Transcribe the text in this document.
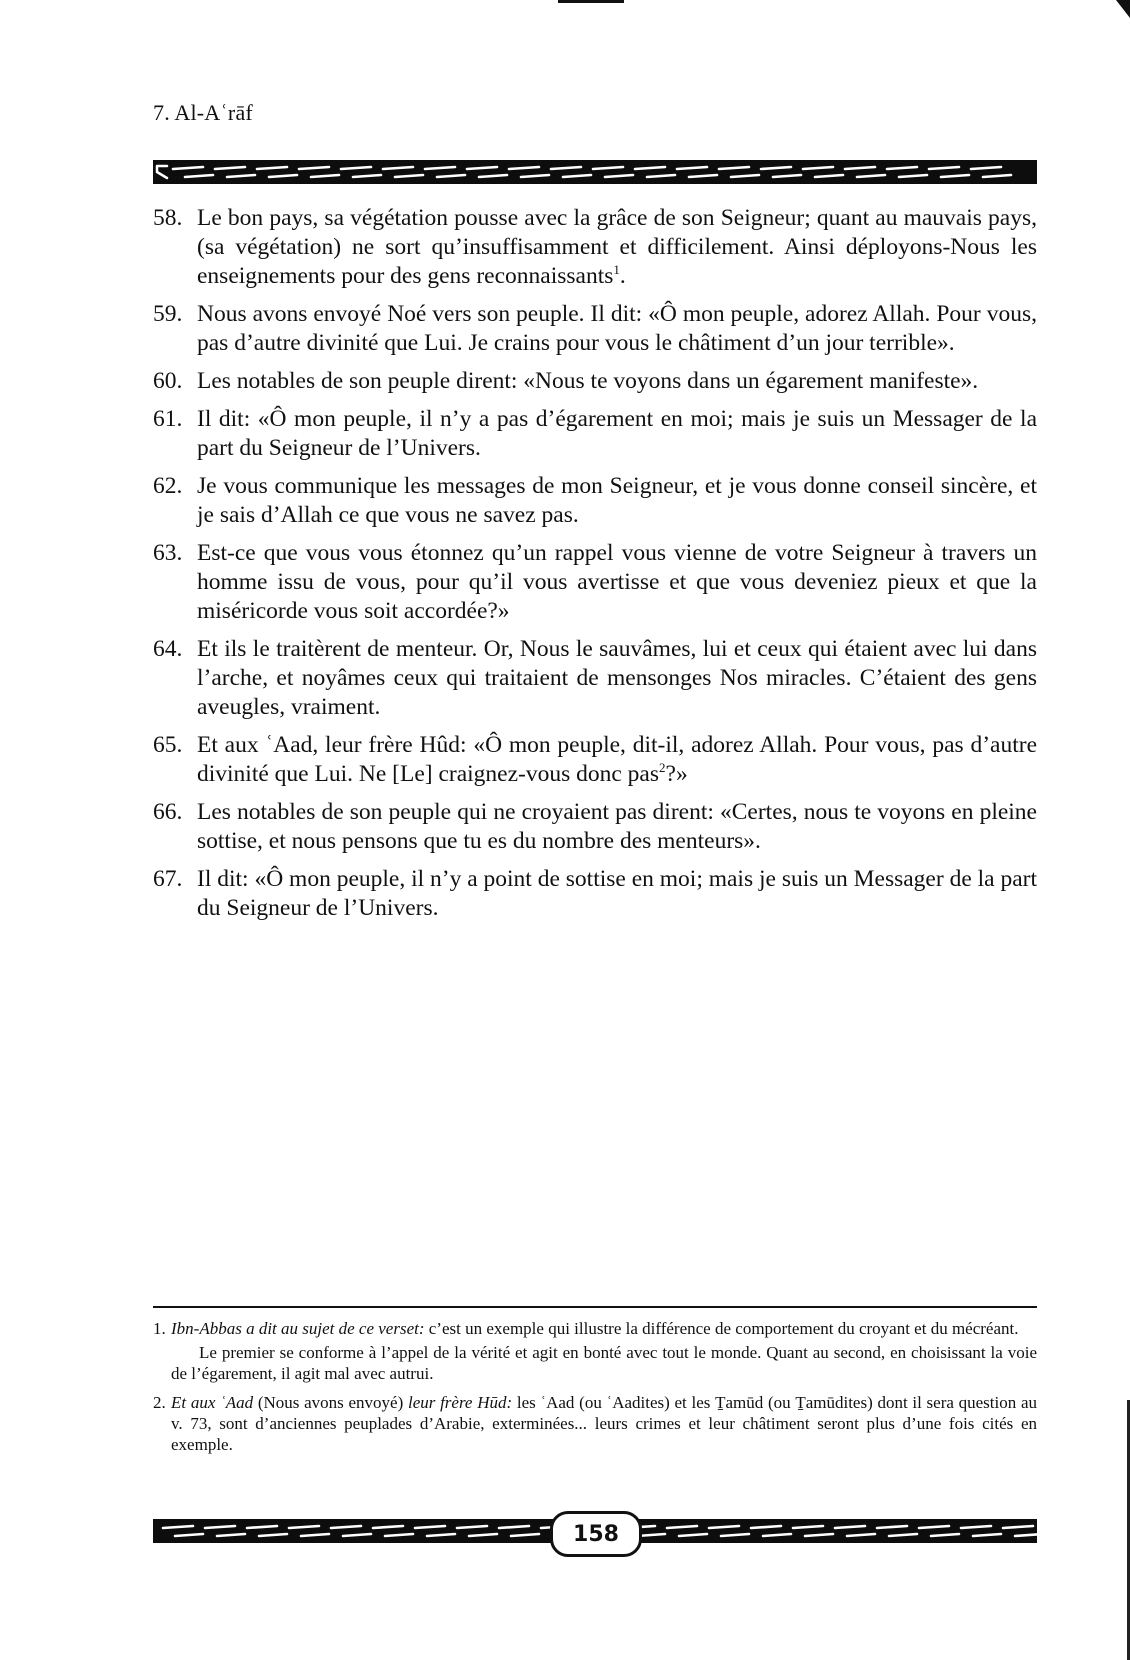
7. Al-Aʿrāf
58. Le bon pays, sa végétation pousse avec la grâce de son Seigneur; quant au mauvais pays, (sa végétation) ne sort qu’insuffisamment et difficilement. Ainsi déployons-Nous les enseignements pour des gens reconnaissants$^1$.
59. Nous avons envoyé Noé vers son peuple. Il dit: «Ô mon peuple, adorez Allah. Pour vous, pas d’autre divinité que Lui. Je crains pour vous le châtiment d’un jour terrible».
60. Les notables de son peuple dirent: «Nous te voyons dans un égarement manifeste».
61. Il dit: «Ô mon peuple, il n’y a pas d’égarement en moi; mais je suis un Messager de la part du Seigneur de l’Univers.
62. Je vous communique les messages de mon Seigneur, et je vous donne conseil sincère, et je sais d’Allah ce que vous ne savez pas.
63. Est-ce que vous vous étonnez qu’un rappel vous vienne de votre Seigneur à travers un homme issu de vous, pour qu’il vous avertisse et que vous deveniez pieux et que la miséricorde vous soit accordée?»
64. Et ils le traitèrent de menteur. Or, Nous le sauvâmes, lui et ceux qui étaient avec lui dans l’arche, et noyâmes ceux qui traitaient de mensonges Nos miracles. C’étaient des gens aveugles, vraiment.
65. Et aux ʿAad, leur frère Hûd: «Ô mon peuple, dit-il, adorez Allah. Pour vous, pas d’autre divinité que Lui. Ne [Le] craignez-vous donc pas$^2$?»
66. Les notables de son peuple qui ne croyaient pas dirent: «Certes, nous te voyons en pleine sottise, et nous pensons que tu es du nombre des menteurs».
67. Il dit: «Ô mon peuple, il n’y a point de sottise en moi; mais je suis un Messager de la part du Seigneur de l’Univers.
1. Ibn-Abbas a dit au sujet de ce verset: c’est un exemple qui illustre la différence de comportement du croyant et du mécréant.
Le premier se conforme à l’appel de la vérité et agit en bonté avec tout le monde. Quant au second, en choisissant la voie de l’égarement, il agit mal avec autrui.
2. Et aux ʿAad (Nous avons envoyé) leur frère Hūd: les ʿAad (ou ʿAadites) et les Ṯamūd (ou Ṯamūdites) dont il sera question au v. 73, sont d’anciennes peuplades d’Arabie, exterminées... leurs crimes et leur châtiment seront plus d’une fois cités en exemple.
158
